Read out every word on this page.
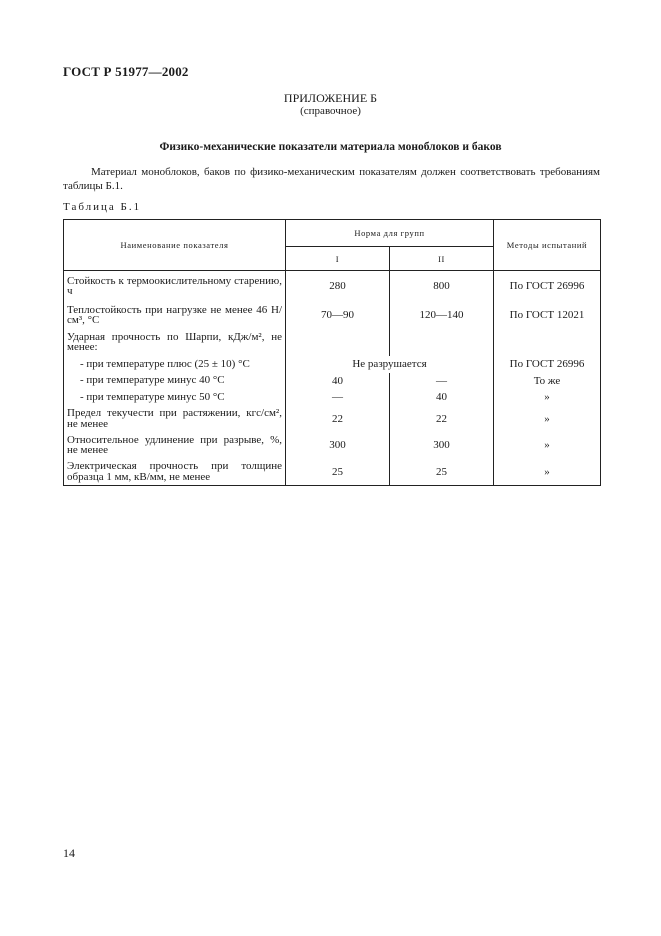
ГОСТ Р 51977—2002
ПРИЛОЖЕНИЕ Б
(справочное)
Физико-механические показатели материала моноблоков и баков
Материал моноблоков, баков по физико-механическим показателям должен соответствовать требованиям таблицы Б.1.
Таблица Б.1
Наименование показателя	Норма для групп		Методы испытаний
	I	II	
Стойкость к термоокислительному старению, ч	280	800	По ГОСТ 26996
Теплостойкость при нагрузке не менее 46 Н/см³, °С	70—90	120—140	По ГОСТ 12021
Ударная прочность по Шарпи, кДж/м², не менее:			
- при температуре плюс (25 ± 10) °С	Не разрушается		По ГОСТ 26996
- при температуре минус 40 °С	40	—	То же
- при температуре минус 50 °С	—	40	»
Предел текучести при растяжении, кгс/см², не менее	22	22	»
Относительное удлинение при разрыве, %, не менее	300	300	»
Электрическая прочность при толщине образца 1 мм, кВ/мм, не менее	25	25	»
14
